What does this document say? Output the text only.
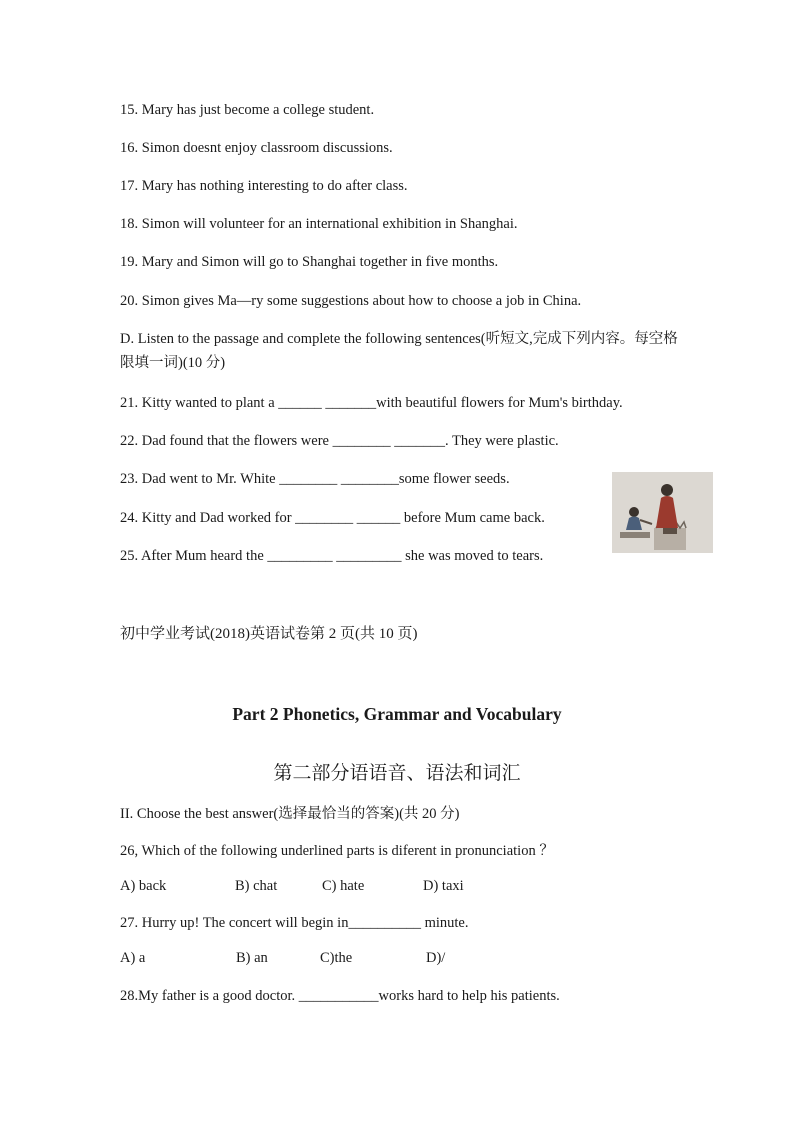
15. Mary has just become a college student.
16. Simon doesnt enjoy classroom discussions.
17. Mary has nothing interesting to do after class.
18. Simon will volunteer for an international exhibition in Shanghai.
19. Mary and Simon will go to Shanghai together in five months.
20. Simon gives Ma—ry some suggestions about how to choose a job in China.
D. Listen to the passage and complete the following sentences(听短文,完成下列内容。每空格限填一词)(10 分)
21. Kitty wanted to plant a ______ _______with beautiful flowers for Mum's birthday.
22. Dad found that the flowers were ________ _______. They were plastic.
23. Dad went to Mr. White ________ ________some flower seeds.
24. Kitty and Dad worked for ________ ______ before Mum came back.
25. After Mum heard the _________ _________ she was moved to tears.
初中学业考试(2018)英语试卷第 2 页(共 10 页)
Part 2 Phonetics, Grammar and Vocabulary
第二部分语语音、语法和词汇
II. Choose the best answer(选择最恰当的答案)(共 20 分)
26, Which of the following underlined parts is diferent in pronunciation ？
A) back	B) chat	C) hate	D) taxi
27. Hurry up! The concert will begin in__________ minute.
A) a	B) an	C)the	D)/
28.My father is a good doctor. ___________works hard to help his patients.
